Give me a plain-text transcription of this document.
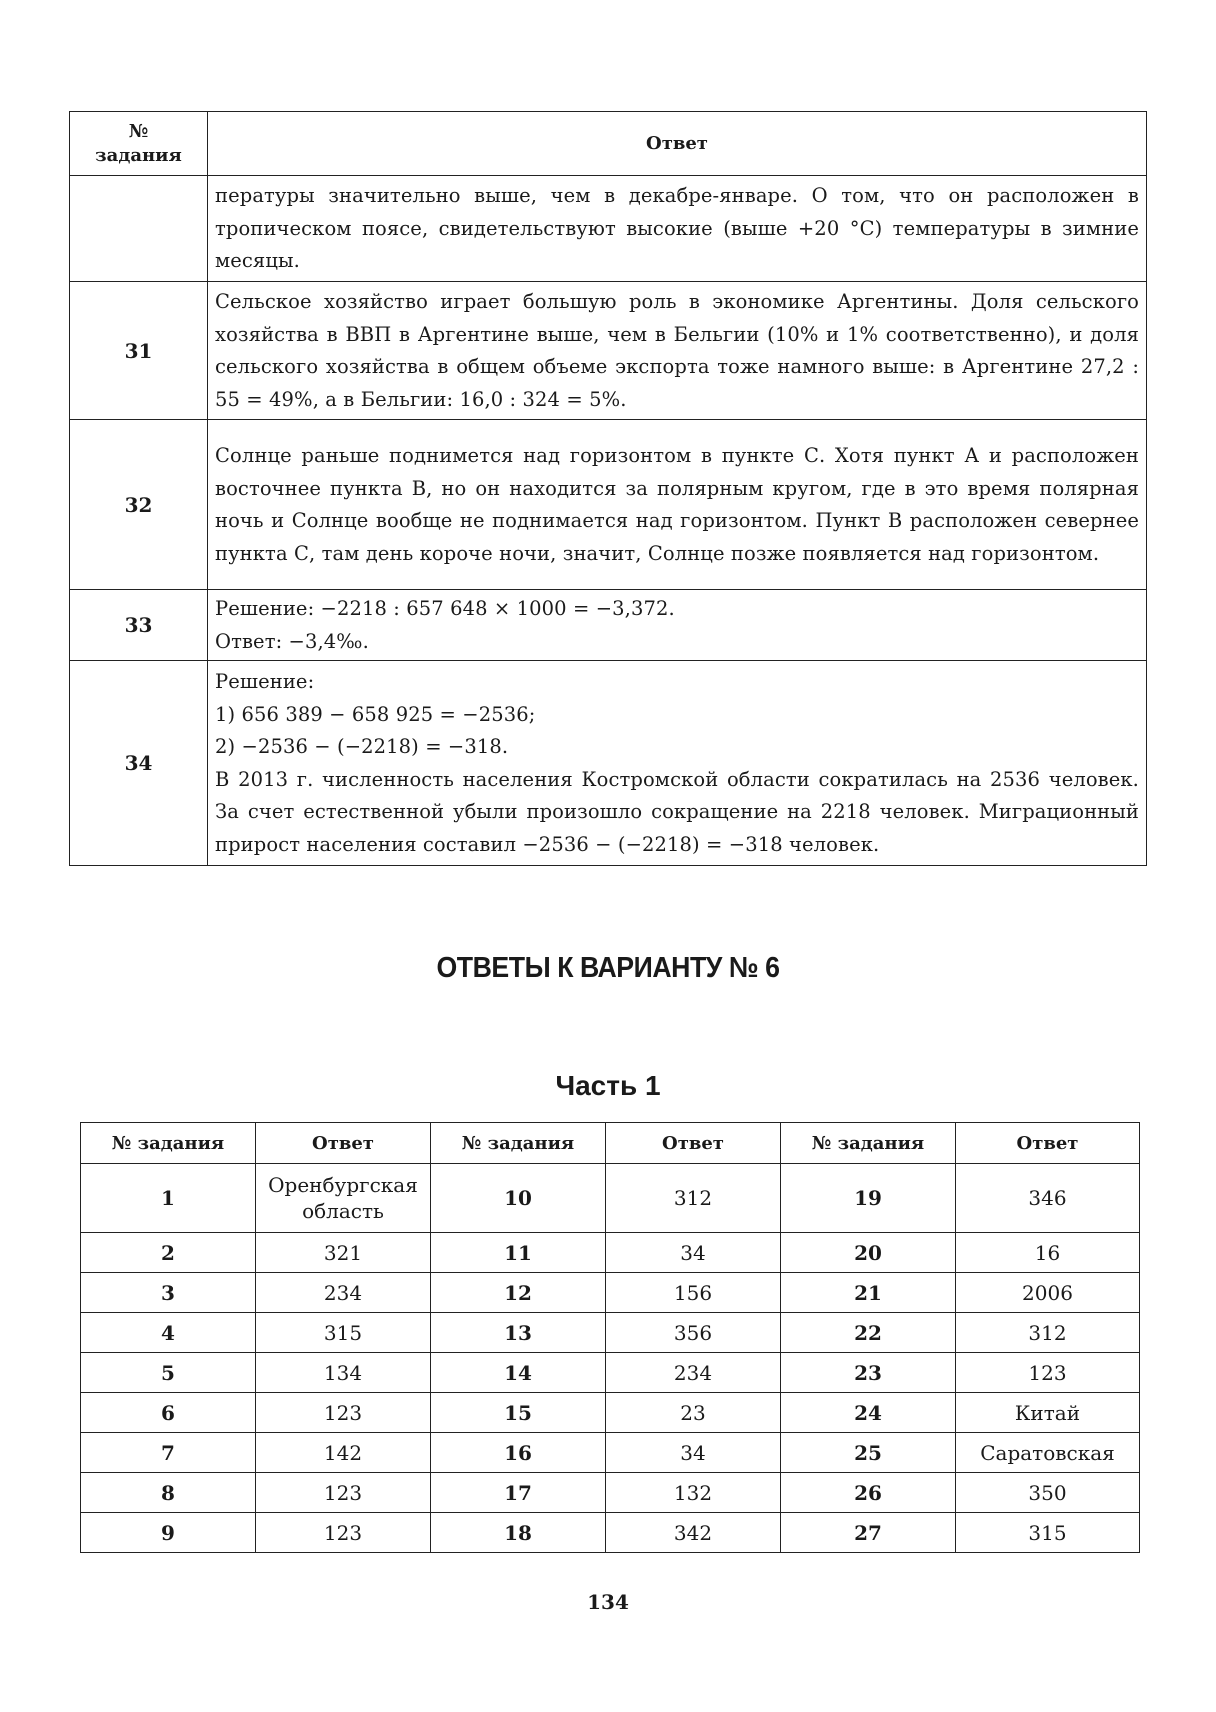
№
задания	Ответ

	пературы значительно выше, чем в декабре-январе. О том, что он расположен в тропическом поясе, свидетельствуют высокие (выше +20 °С) температуры в зимние месяцы.

31	Сельское хозяйство играет большую роль в экономике Аргентины. Доля сельского хозяйства в ВВП в Аргентине выше, чем в Бельгии (10% и 1% соответственно), и доля сельского хозяйства в общем объеме экспорта тоже намного выше: в Аргентине 27,2 : 55 = 49%, а в Бельгии: 16,0 : 324 = 5%.

32	Солнце раньше поднимется над горизонтом в пункте С. Хотя пункт А и расположен восточнее пункта В, но он находится за полярным кругом, где в это время полярная ночь и Солнце вообще не поднимается над горизонтом. Пункт В расположен севернее пункта С, там день короче ночи, значит, Солнце позже появляется над горизонтом.

33	Решение: −2218 : 657 648 × 1000 = −3,372.

Ответ: −3,4‰.

34	Решение:

1) 656 389 − 658 925 = −2536;

2) −2536 − (−2218) = −318.

В 2013 г. численность населения Костромской области сократилась на 2536 человек. За счет естественной убыли произошло сокращение на 2218 человек. Миграционный прирост населения составил −2536 − (−2218) = −318 человек.

ОТВЕТЫ К ВАРИАНТУ № 6
Часть 1
№ задания	Ответ	№ задания	Ответ	№ задания	Ответ
1	Оренбургская область	10	312	19	346
2	321	11	34	20	16
3	234	12	156	21	2006
4	315	13	356	22	312
5	134	14	234	23	123
6	123	15	23	24	Китай
7	142	16	34	25	Саратовская
8	123	17	132	26	350
9	123	18	342	27	315
134
